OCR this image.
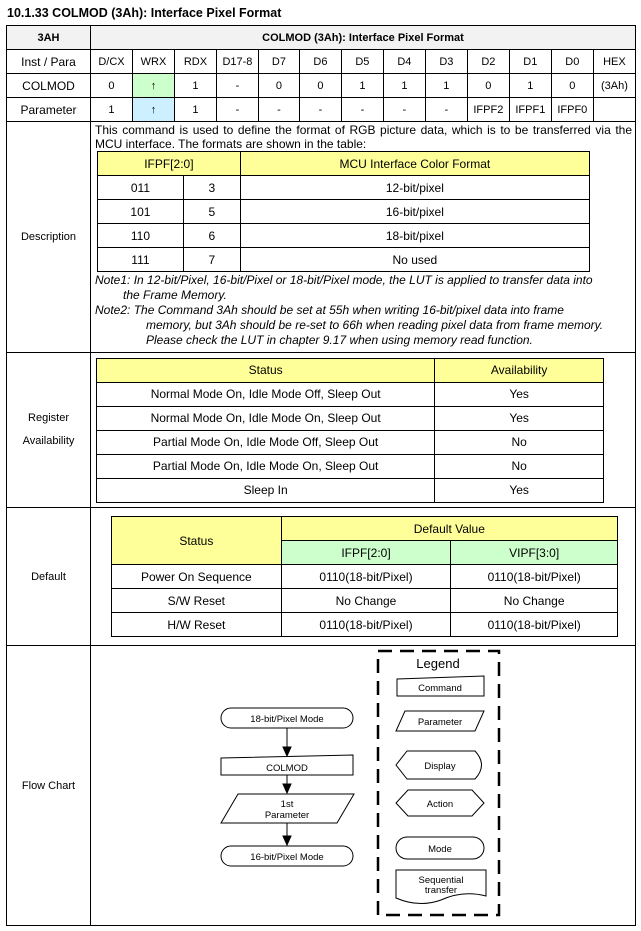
10.1.33 COLMOD (3Ah): Interface Pixel Format
3AH	COLMOD (3Ah): Interface Pixel Format
Inst / Para	D/CX	WRX	RDX	D17-8	D7	D6	D5	D4	D3	D2	D1	D0	HEX
COLMOD	0	↑	1	-	0	0	1	1	1	0	1	0	(3Ah)
Parameter	1	↑	1	-	-	-	-	-	-	IFPF2	IFPF1	IFPF0	
Description	
This command is used to define the format of RGB picture data, which is to be transferred via the MCU interface. The formats are shown in the table:
IFPF[2:0]	MCU Interface Color Format
011	3	12-bit/pixel
101	5	16-bit/pixel
110	6	18-bit/pixel
111	7	No used
Note1: In 12-bit/Pixel, 16-bit/Pixel or 18-bit/Pixel mode, the LUT is applied to transfer data into
the Frame Memory.
Note2: The Command 3Ah should be set at 55h when writing 16-bit/pixel data into frame
memory, but 3Ah should be re-set to 66h when reading pixel data from frame memory.
Please check the LUT in chapter 9.17 when using memory read function.

Register
Availability	
Status	Availability
Normal Mode On, Idle Mode Off, Sleep Out	Yes
Normal Mode On, Idle Mode On, Sleep Out	Yes
Partial Mode On, Idle Mode Off, Sleep Out	No
Partial Mode On, Idle Mode On, Sleep Out	No
Sleep In	Yes

Default	
Status	Default Value
IFPF[2:0]	VIPF[3:0]
Power On Sequence	0110(18-bit/Pixel)	0110(18-bit/Pixel)
S/W Reset	No Change	No Change
H/W Reset	0110(18-bit/Pixel)	0110(18-bit/Pixel)

Flow Chart	
18-bit/Pixel Mode
COLMOD
1st
Parameter
16-bit/Pixel Mode
Legend
Command
Parameter
Display
Action
Mode
Sequential
transfer
